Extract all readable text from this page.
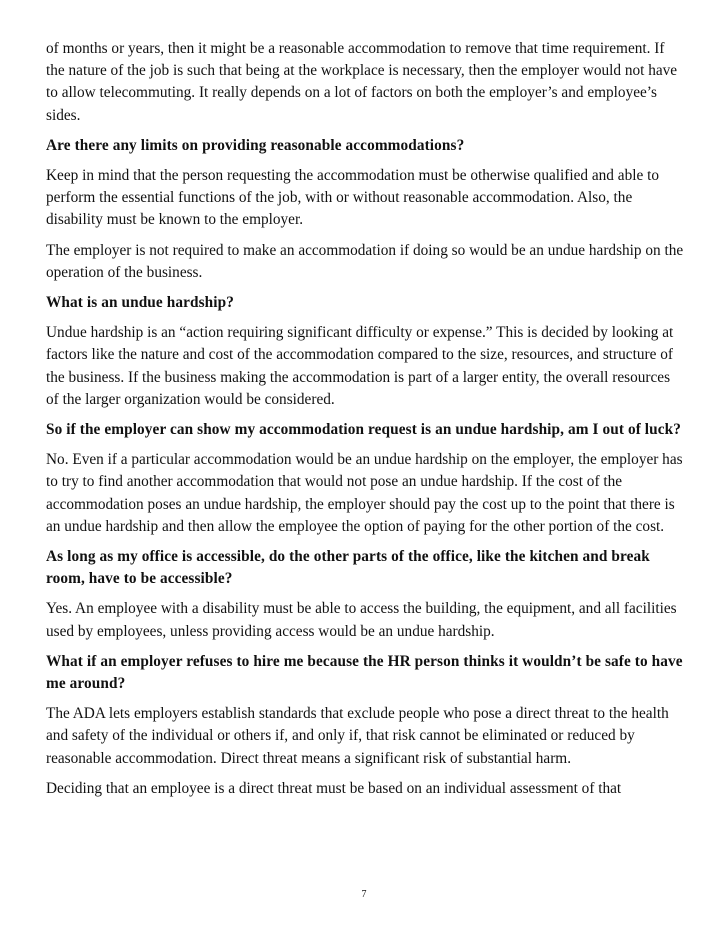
of months or years, then it might be a reasonable accommodation to remove that time requirement. If the nature of the job is such that being at the workplace is necessary, then the employer would not have to allow telecommuting. It really depends on a lot of factors on both the employer’s and employee’s sides.

Are there any limits on providing reasonable accommodations?

Keep in mind that the person requesting the accommodation must be otherwise qualified and able to perform the essential functions of the job, with or without reasonable accommodation. Also, the disability must be known to the employer.

The employer is not required to make an accommodation if doing so would be an undue hardship on the operation of the business.

What is an undue hardship?

Undue hardship is an “action requiring significant difficulty or expense.” This is decided by looking at factors like the nature and cost of the accommodation compared to the size, resources, and structure of the business. If the business making the accommodation is part of a larger entity, the overall resources of the larger organization would be considered.

So if the employer can show my accommodation request is an undue hardship, am I out of luck?

No. Even if a particular accommodation would be an undue hardship on the employer, the employer has to try to find another accommodation that would not pose an undue hardship. If the cost of the accommodation poses an undue hardship, the employer should pay the cost up to the point that there is an undue hardship and then allow the employee the option of paying for the other portion of the cost.

As long as my office is accessible, do the other parts of the office, like the kitchen and break room, have to be accessible?

Yes. An employee with a disability must be able to access the building, the equipment, and all facilities used by employees, unless providing access would be an undue hardship.

What if an employer refuses to hire me because the HR person thinks it wouldn’t be safe to have me around?

The ADA lets employers establish standards that exclude people who pose a direct threat to the health and safety of the individual or others if, and only if, that risk cannot be eliminated or reduced by reasonable accommodation. Direct threat means a significant risk of substantial harm.

Deciding that an employee is a direct threat must be based on an individual assessment of that

7
